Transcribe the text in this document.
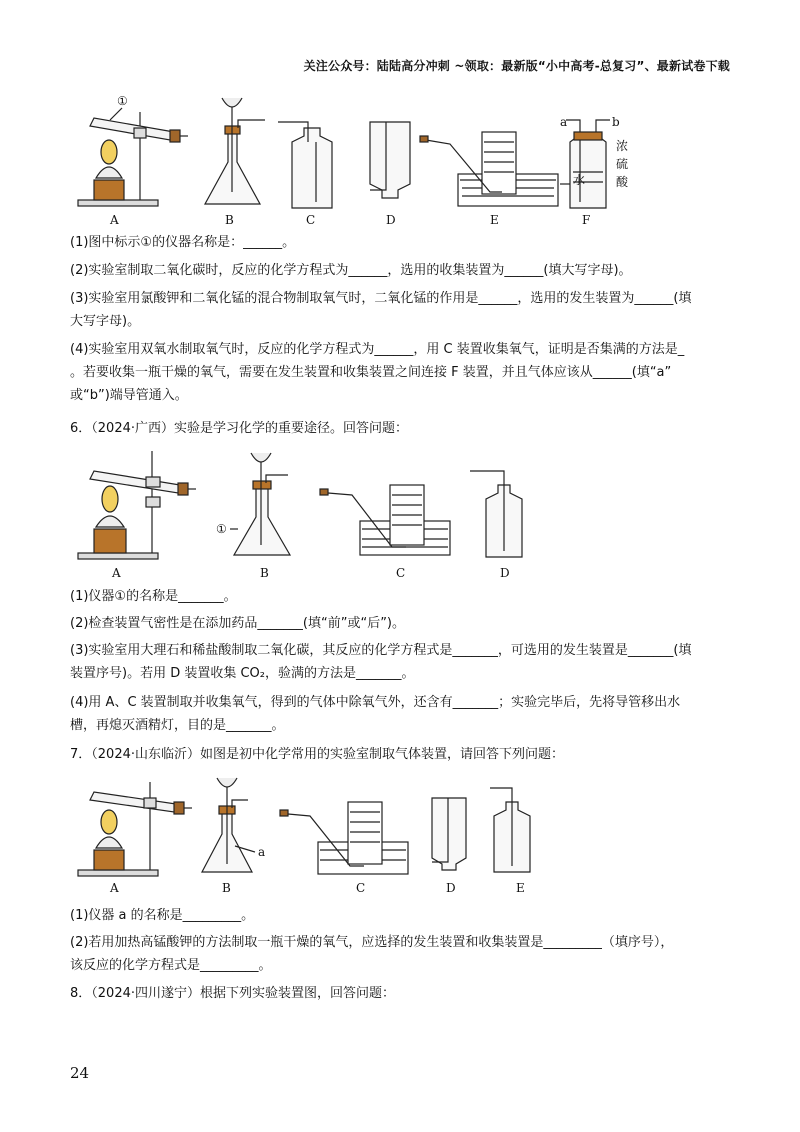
关注公众号：陆陆高分冲刺 ~领取：最新版“小中高考-总复习”、最新试卷下载
①
水
a	b
浓
硫
酸
A	B	C	D	E	F
(1)图中标示①的仪器名称是：______。
(2)实验室制取二氧化碳时，反应的化学方程式为______，选用的收集装置为______(填大写字母)。
(3)实验室用氯酸钾和二氧化锰的混合物制取氧气时，二氧化锰的作用是______，选用的发生装置为______(填
大写字母)。
(4)实验室用双氧水制取氧气时，反应的化学方程式为______，用 C 装置收集氧气，证明是否集满的方法是_
。若要收集一瓶干燥的氧气，需要在发生装置和收集装置之间连接 F 装置，并且气体应该从______(填“a”
或“b”)端导管通入。
6．（2024·广西）实验是学习化学的重要途径。回答问题：
①
A	B	C	D
(1)仪器①的名称是_______。
(2)检查装置气密性是在添加药品_______(填“前”或“后”)。
(3)实验室用大理石和稀盐酸制取二氧化碳，其反应的化学方程式是_______，可选用的发生装置是_______(填
装置序号)。若用 D 装置收集 CO₂，验满的方法是_______。
(4)用 A、C 装置制取并收集氧气，得到的气体中除氧气外，还含有_______；实验完毕后，先将导管移出水
槽，再熄灭酒精灯，目的是_______。
7．（2024·山东临沂）如图是初中化学常用的实验室制取气体装置，请回答下列问题：
a
A	B	C	D	E
(1)仪器 a 的名称是_________。
(2)若用加热高锰酸钾的方法制取一瓶干燥的氧气，应选择的发生装置和收集装置是_________（填序号），
该反应的化学方程式是_________。
8．（2024·四川遂宁）根据下列实验装置图，回答问题：
24
